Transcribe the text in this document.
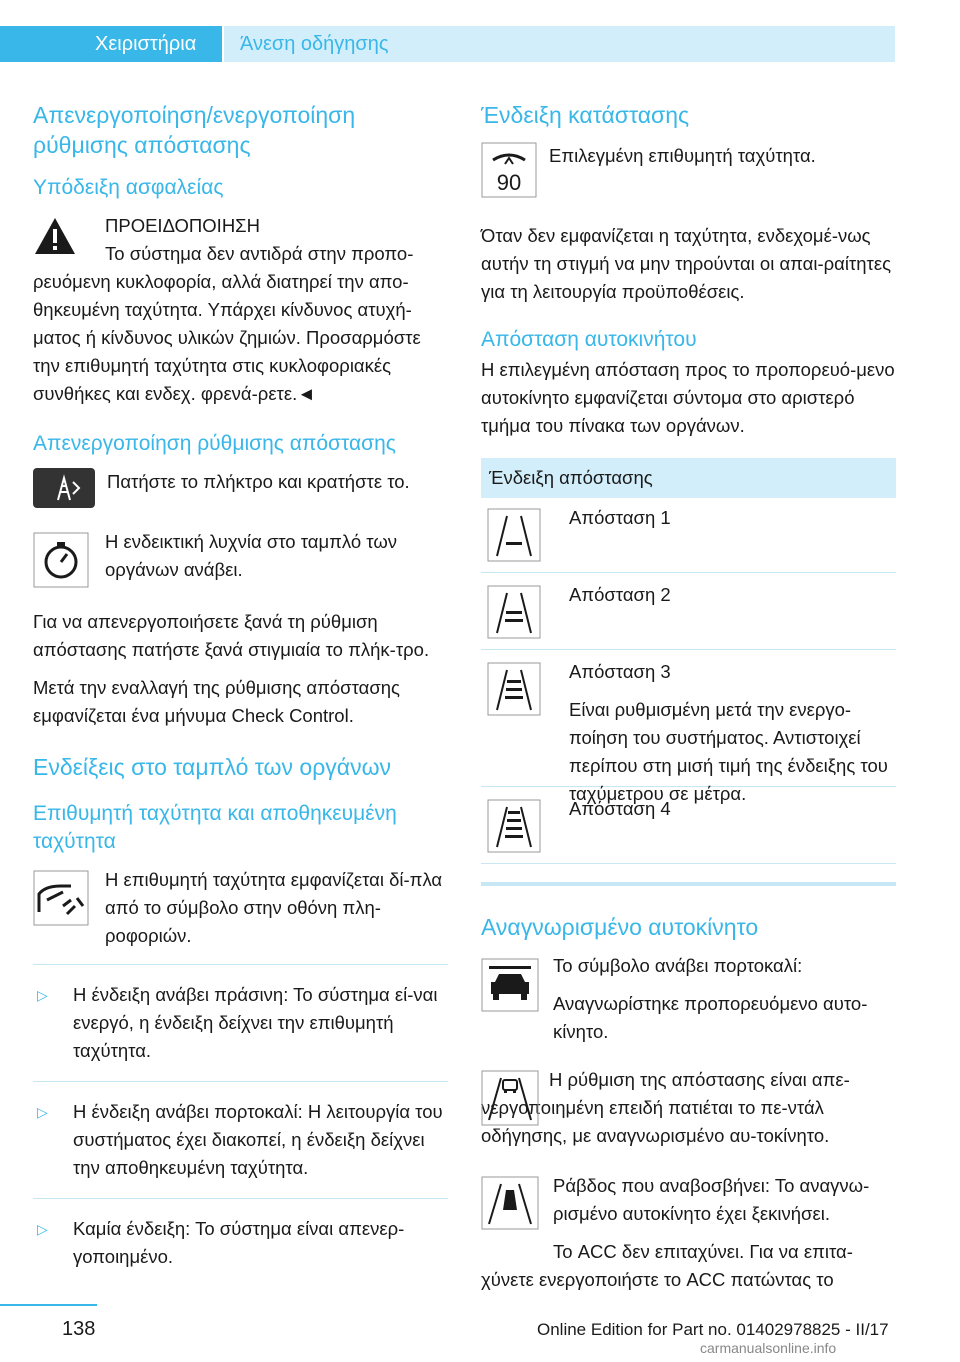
Χειριστήρια Άνεση οδήγησης
Απενεργοποίηση/ενεργοποίηση ρύθμισης απόστασης
Υπόδειξη ασφαλείας

ΠΡΟΕΙΔΟΠΟΙΗΣΗ

Το σύστημα δεν αντιδρά στην προπο-ρευόμενη κυκλοφορία, αλλά διατηρεί την απο-θηκευμένη ταχύτητα. Υπάρχει κίνδυνος ατυχή-ματος ή κίνδυνος υλικών ζημιών. Προσαρμόστε την επιθυμητή ταχύτητα στις κυκλοφοριακές συνθήκες και ενδεχ. φρενά-ρετε.◄

Απενεργοποίηση ρύθμισης απόστασης

Πατήστε το πλήκτρο και κρατήστε το.

Η ενδεικτική λυχνία στο ταμπλό των οργάνων ανάβει.

Για να απενεργοποιήσετε ξανά τη ρύθμιση απόστασης πατήστε ξανά στιγμιαία το πλήκ-τρο.

Μετά την εναλλαγή της ρύθμισης απόστασης εμφανίζεται ένα μήνυμα Check Control.

Ενδείξεις στο ταμπλό των οργάνων
Επιθυμητή ταχύτητα και αποθηκευμένη ταχύτητα

Η επιθυμητή ταχύτητα εμφανίζεται δί-πλα από το σύμβολο στην οθόνη πλη-ροφοριών.

▷ Η ένδειξη ανάβει πράσινη: Το σύστημα εί-ναι ενεργό, η ένδειξη δείχνει την επιθυμητή ταχύτητα.
▷ Η ένδειξη ανάβει πορτοκαλί: Η λειτουργία του συστήματος έχει διακοπεί, η ένδειξη δείχνει την αποθηκευμένη ταχύτητα.
▷ Καμία ένδειξη: Το σύστημα είναι απενερ-γοποιημένο.
Ένδειξη κατάστασης
90

Επιλεγμένη επιθυμητή ταχύτητα.

Όταν δεν εμφανίζεται η ταχύτητα, ενδεχομέ-νως αυτήν τη στιγμή να μην τηρούνται οι απαι-ραίτητες για τη λειτουργία προϋποθέσεις.

Απόσταση αυτοκινήτου

Η επιλεγμένη απόσταση προς το προπορευό-μενο αυτοκίνητο εμφανίζεται σύντομα στο αριστερό τμήμα του πίνακα των οργάνων.

Ένδειξη απόστασης
Απόσταση 1
Απόσταση 2
Απόσταση 3
Είναι ρυθμισμένη μετά την ενεργο-ποίηση του συστήματος. Αντιστοιχεί περίπου στη μισή τιμή της ένδειξης του ταχύμετρου σε μέτρα.
Απόσταση 4
Αναγνωρισμένο αυτοκίνητο

Το σύμβολο ανάβει πορτοκαλί:

Αναγνωρίστηκε προπορευόμενο αυτο-κίνητο.

Η ρύθμιση της απόστασης είναι απε-νεργοποιημένη επειδή πατιέται το πε-ντάλ οδήγησης, με αναγνωρισμένο αυ-τοκίνητο.

Ράβδος που αναβοσβήνει: Το αναγνω-ρισμένο αυτοκίνητο έχει ξεκινήσει.

Το ACC δεν επιταχύνει. Για να επιτα-χύνετε ενεργοποιήστε το ACC πατώντας το

138	Online Edition for Part no. 01402978825 - II/17
carmanualsonline.info
